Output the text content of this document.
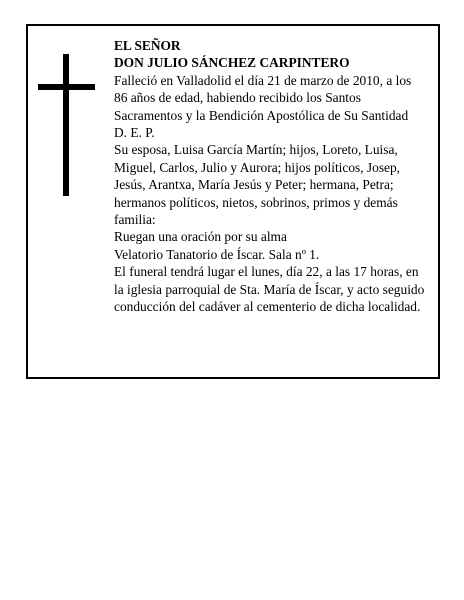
EL SEÑOR

DON JULIO SÁNCHEZ CARPINTERO

Falleció en Valladolid el día 21 de marzo de 2010, a los 86 años de edad, habiendo recibido los Santos Sacramentos y la Bendición Apostólica de Su Santidad

D. E. P.

Su esposa, Luisa García Martín; hijos, Loreto, Luisa, Miguel, Carlos, Julio y Aurora; hijos políticos, Josep, Jesús, Arantxa, María Jesús y Peter; hermana, Petra; hermanos políticos, nietos, sobrinos, primos y demás familia:

Ruegan una oración por su alma

Velatorio Tanatorio de Íscar. Sala nº 1.

El funeral tendrá lugar el lunes, día 22, a las 17 horas, en la iglesia parroquial de Sta. María de Íscar, y acto seguido conducción del cadáver al cementerio de dicha localidad.
